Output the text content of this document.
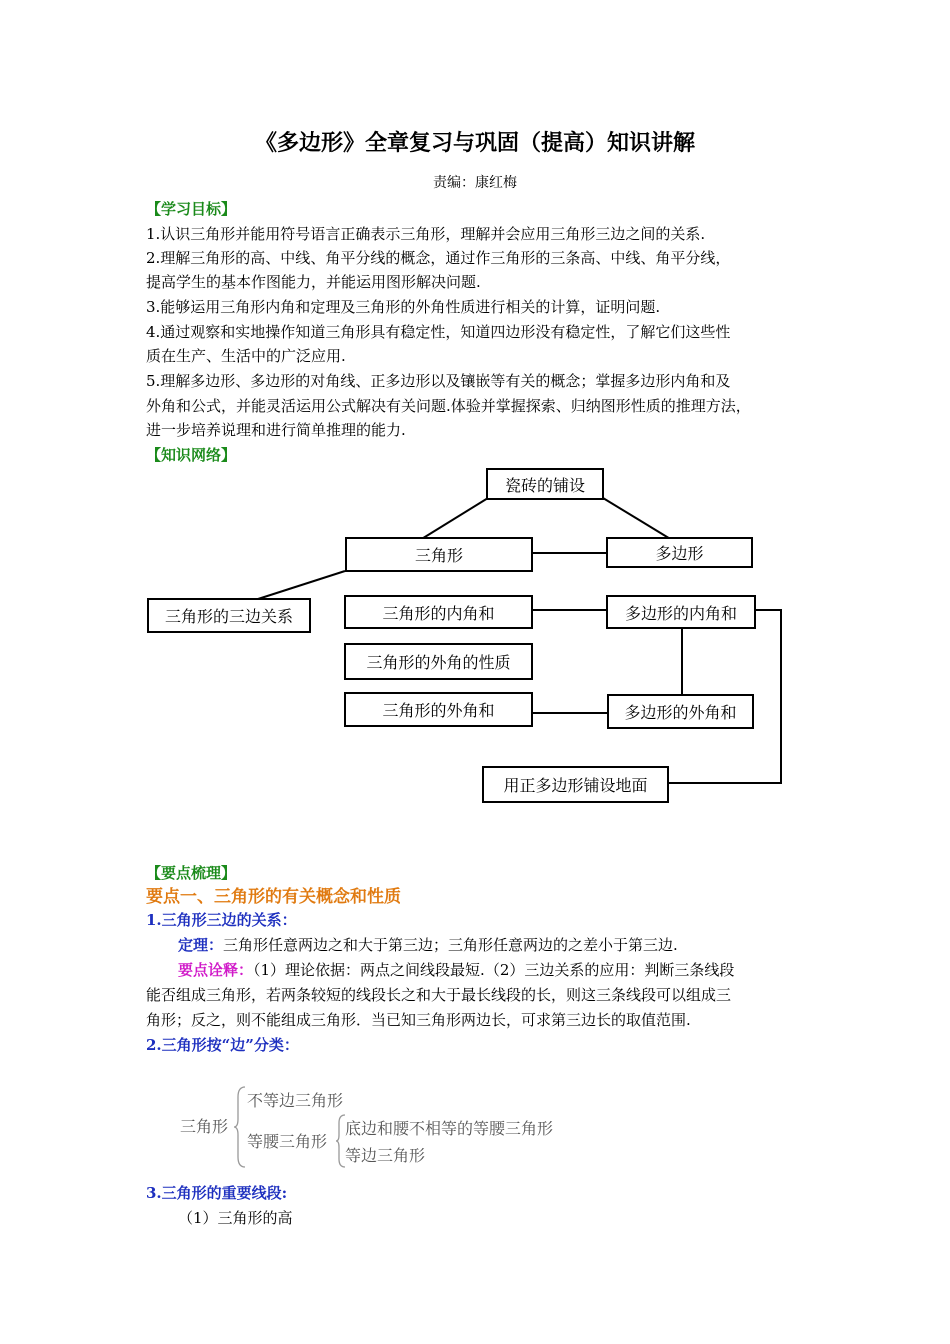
《多边形》全章复习与巩固（提高）知识讲解
责编：康红梅
【学习目标】
1.认识三角形并能用符号语言正确表示三角形，理解并会应用三角形三边之间的关系.
2.理解三角形的高、中线、角平分线的概念，通过作三角形的三条高、中线、角平分线，
提高学生的基本作图能力，并能运用图形解决问题.
3.能够运用三角形内角和定理及三角形的外角性质进行相关的计算，证明问题.
4.通过观察和实地操作知道三角形具有稳定性，知道四边形没有稳定性，了解它们这些性
质在生产、生活中的广泛应用.
5.理解多边形、多边形的对角线、正多边形以及镶嵌等有关的概念；掌握多边形内角和及
外角和公式，并能灵活运用公式解决有关问题.体验并掌握探索、归纳图形性质的推理方法，
进一步培养说理和进行简单推理的能力.
【知识网络】
瓷砖的铺设
三角形	多边形
三角形的三边关系	三角形的内角和	多边形的内角和
三角形的外角的性质
三角形的外角和	多边形的外角和
用正多边形铺设地面
【要点梳理】
要点一、三角形的有关概念和性质
1.三角形三边的关系：
定理：三角形任意两边之和大于第三边；三角形任意两边的之差小于第三边.
要点诠释：（1）理论依据：两点之间线段最短.（2）三边关系的应用：判断三条线段
能否组成三角形，若两条较短的线段长之和大于最长线段的长，则这三条线段可以组成三
角形；反之，则不能组成三角形．当已知三角形两边长，可求第三边长的取值范围.
2.三角形按“边”分类：
三角形
不等边三角形
等腰三角形
底边和腰不相等的等腰三角形
等边三角形
3.三角形的重要线段:
（1）三角形的高
